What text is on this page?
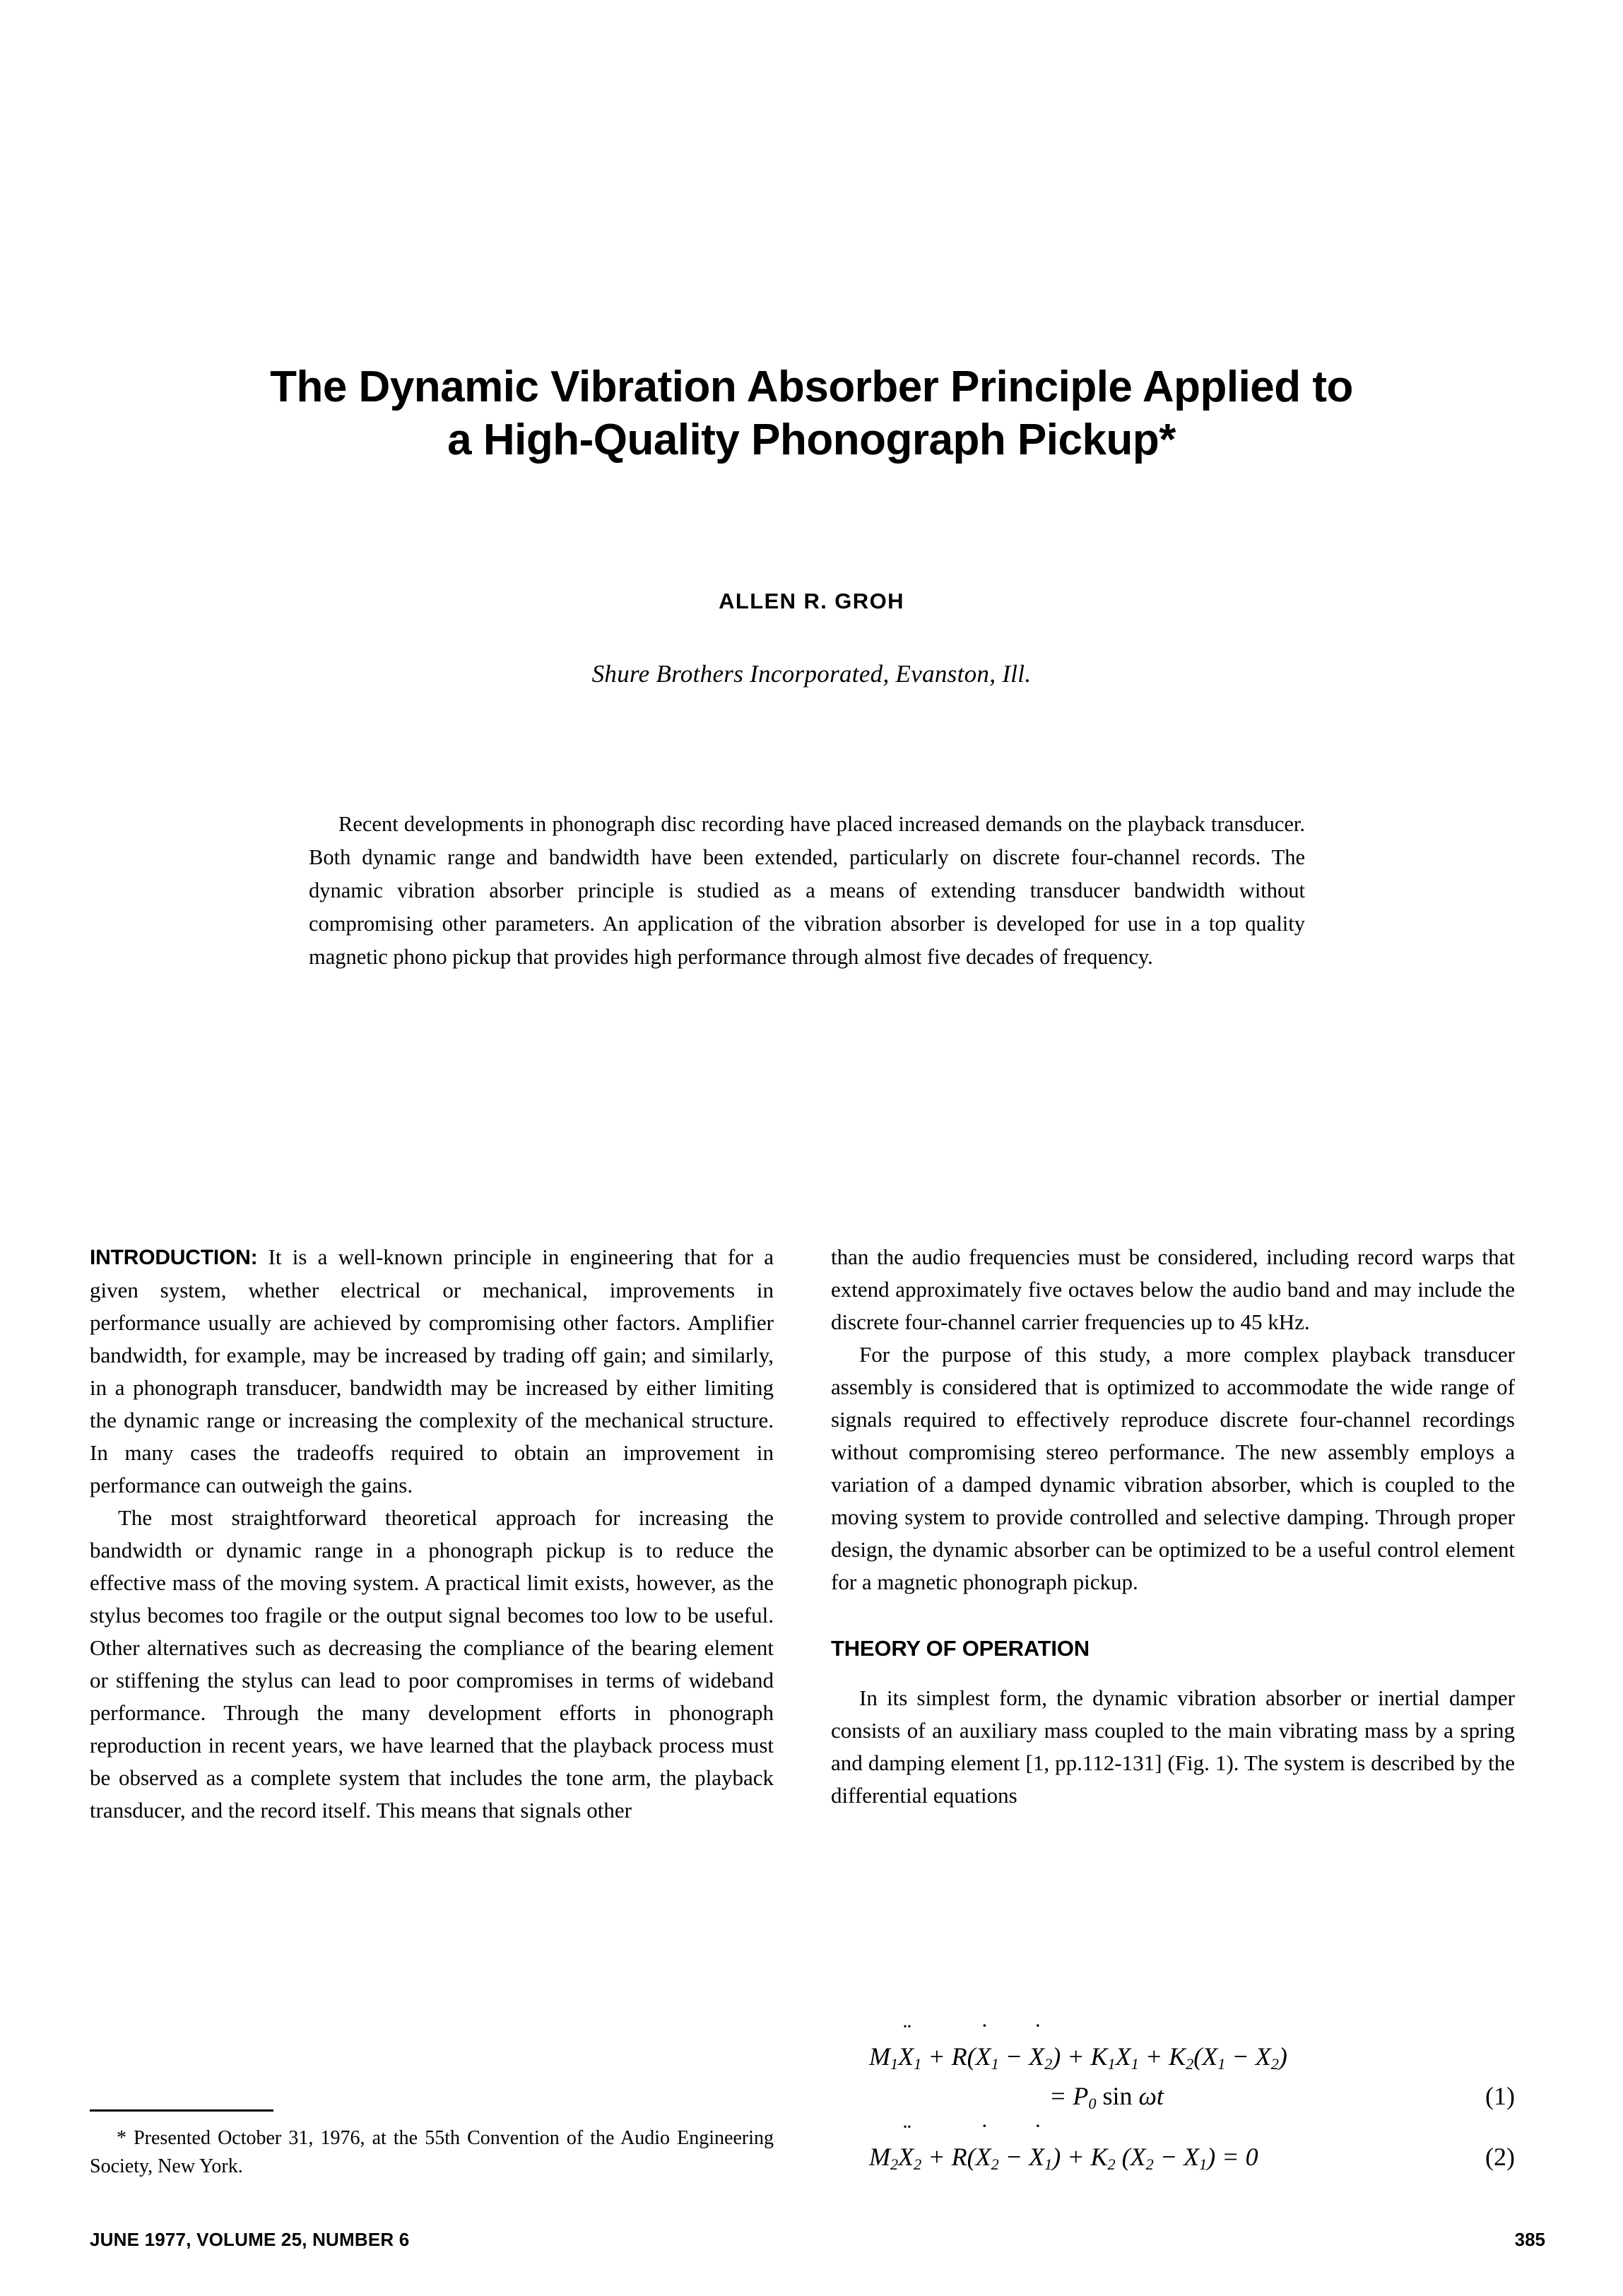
The Dynamic Vibration Absorber Principle Applied to
a High-Quality Phonograph Pickup*
ALLEN R. GROH
Shure Brothers Incorporated, Evanston, Ill.
Recent developments in phonograph disc recording have placed increased demands on the playback transducer. Both dynamic range and bandwidth have been extended, particularly on discrete four-channel records. The dynamic vibration absorber principle is studied as a means of extending transducer bandwidth without compromising other parameters. An application of the vibration absorber is developed for use in a top quality magnetic phono pickup that provides high performance through almost five decades of frequency.

INTRODUCTION: It is a well-known principle in engineering that for a given system, whether electrical or mechanical, improvements in performance usually are achieved by compromising other factors. Amplifier bandwidth, for example, may be increased by trading off gain; and similarly, in a phonograph transducer, bandwidth may be increased by either limiting the dynamic range or increasing the complexity of the mechanical structure. In many cases the tradeoffs required to obtain an improvement in performance can outweigh the gains.

The most straightforward theoretical approach for increasing the bandwidth or dynamic range in a phonograph pickup is to reduce the effective mass of the moving system. A practical limit exists, however, as the stylus becomes too fragile or the output signal becomes too low to be useful. Other alternatives such as decreasing the compliance of the bearing element or stiffening the stylus can lead to poor compromises in terms of wideband performance. Through the many development efforts in phonograph reproduction in recent years, we have learned that the playback process must be observed as a complete system that includes the tone arm, the playback transducer, and the record itself. This means that signals other

than the audio frequencies must be considered, including record warps that extend approximately five octaves below the audio band and may include the discrete four-channel carrier frequencies up to 45 kHz.

For the purpose of this study, a more complex playback transducer assembly is considered that is optimized to accommodate the wide range of signals required to effectively reproduce discrete four-channel recordings without compromising stereo performance. The new assembly employs a variation of a damped dynamic vibration absorber, which is coupled to the moving system to provide controlled and selective damping. Through proper design, the dynamic absorber can be optimized to be a useful control element for a magnetic phonograph pickup.

THEORY OF OPERATION

In its simplest form, the dynamic vibration absorber or inertial damper consists of an auxiliary mass coupled to the main vibrating mass by a spring and damping element [1, pp.112-131] (Fig. 1). The system is described by the differential equations

$M_1X$
¨
$_1$ + R(X
˙
$_1$ − X
˙
$_2) + K_1X_1 + K_2(X_1 - X_2)$
= $P_0$ sin ωt	(1)
$M_2X$
¨
$_2$ + R(X
˙
$_2$ − X
˙
$_1) + K_2$ $(X_2 - X_1) = 0$	(2)

* Presented October 31, 1976, at the 55th Convention of the Audio Engineering Society, New York.

JUNE 1977, VOLUME 25, NUMBER 6	385
